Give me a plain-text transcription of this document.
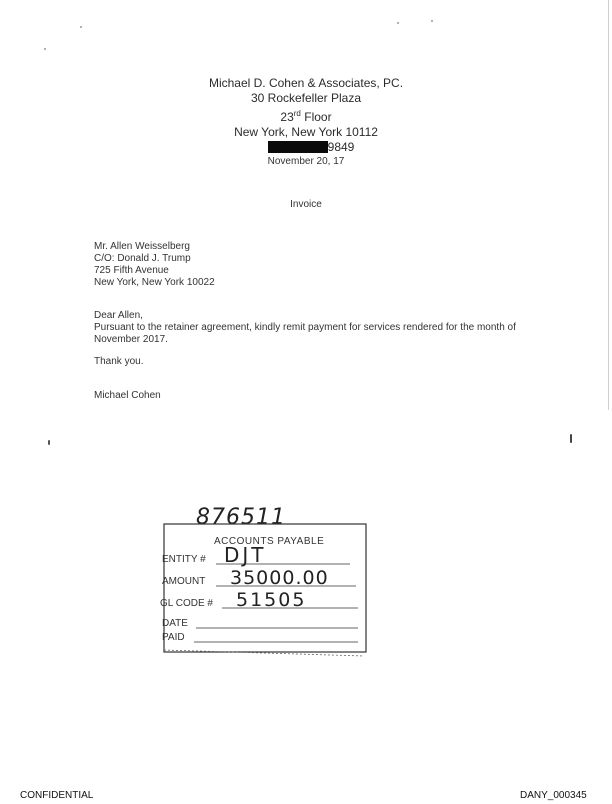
Michael D. Cohen & Associates, PC.
30 Rockefeller Plaza
23rd Floor
New York, New York 10112
9849
November 20, 17
Invoice
Mr. Allen Weisselberg
C/O: Donald J. Trump
725 Fifth Avenue
New York, New York 10022

Dear Allen,

Pursuant to the retainer agreement, kindly remit payment for services rendered for the month of November 2017.

Thank you.
Michael Cohen
876511
ACCOUNTS PAYABLE
ENTITY # DJT
AMOUNT 35000.00
GL CODE # 51505
DATE
PAID
CONFIDENTIAL	DANY_000345
